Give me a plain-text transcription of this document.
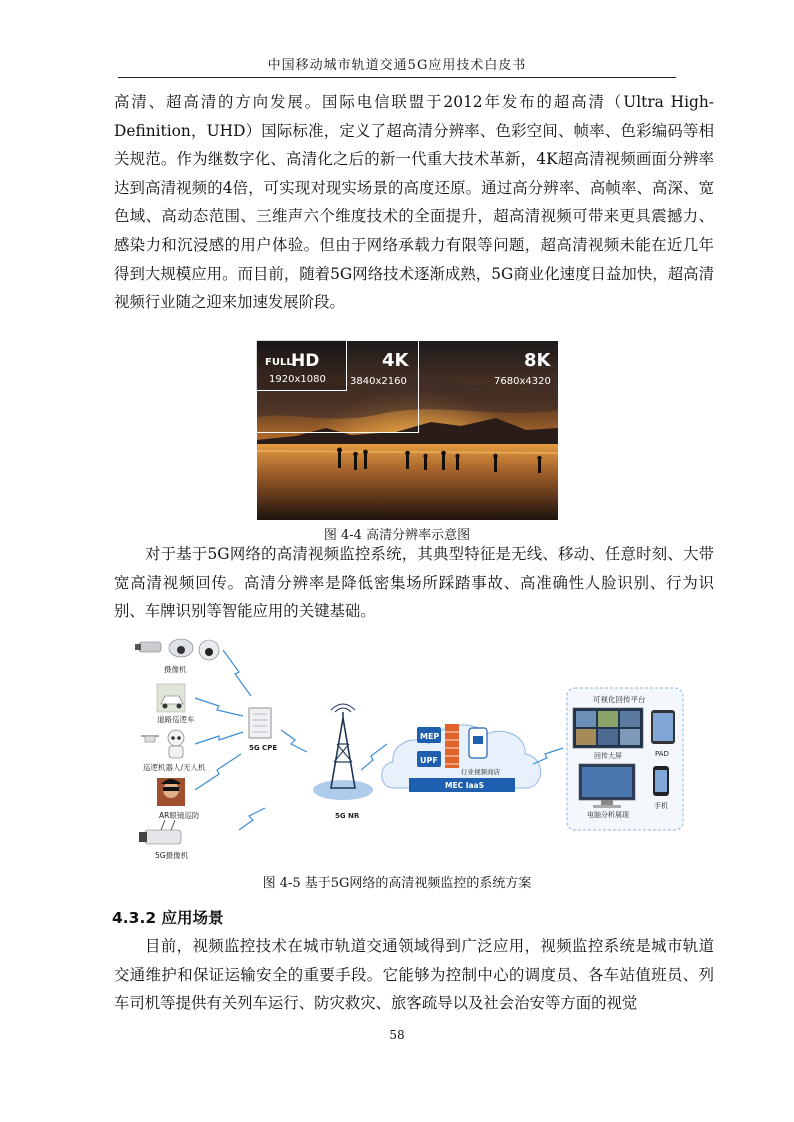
中国移动城市轨道交通5G应用技术白皮书

高清、超高清的方向发展。国际电信联盟于2012年发布的超高清（Ultra High-Definition，UHD）国际标准，定义了超高清分辨率、色彩空间、帧率、色彩编码等相关规范。作为继数字化、高清化之后的新一代重大技术革新，4K超高清视频画面分辨率达到高清视频的4倍，可实现对现实场景的高度还原。通过高分辨率、高帧率、高深、宽色域、高动态范围、三维声六个维度技术的全面提升，超高清视频可带来更具震撼力、感染力和沉浸感的用户体验。但由于网络承载力有限等问题，超高清视频未能在近几年得到大规模应用。而目前，随着5G网络技术逐渐成熟，5G商业化速度日益加快，超高清视频行业随之迎来加速发展阶段。

FULL
HD
1920x1080
4K
3840x2160
8K
7680x4320
图 4-4 高清分辨率示意图

对于基于5G网络的高清视频监控系统，其典型特征是无线、移动、任意时刻、大带宽高清视频回传。高清分辨率是降低密集场所踩踏事故、高准确性人脸识别、行为识别、车牌识别等智能应用的关键基础。

摄像机
道路巡逻车
巡逻机器人/无人机
AR眼镜巡防
5G摄像机
5G CPE
5G NR
MEP
UPF
行业视频商店
MEC IaaS
可视化回传平台
回传大屏	PAD
电脑分析展现
手机
图 4-5 基于5G网络的高清视频监控的系统方案
4.3.2 应用场景

目前，视频监控技术在城市轨道交通领域得到广泛应用，视频监控系统是城市轨道交通维护和保证运输安全的重要手段。它能够为控制中心的调度员、各车站值班员、列车司机等提供有关列车运行、防灾救灾、旅客疏导以及社会治安等方面的视觉

58
